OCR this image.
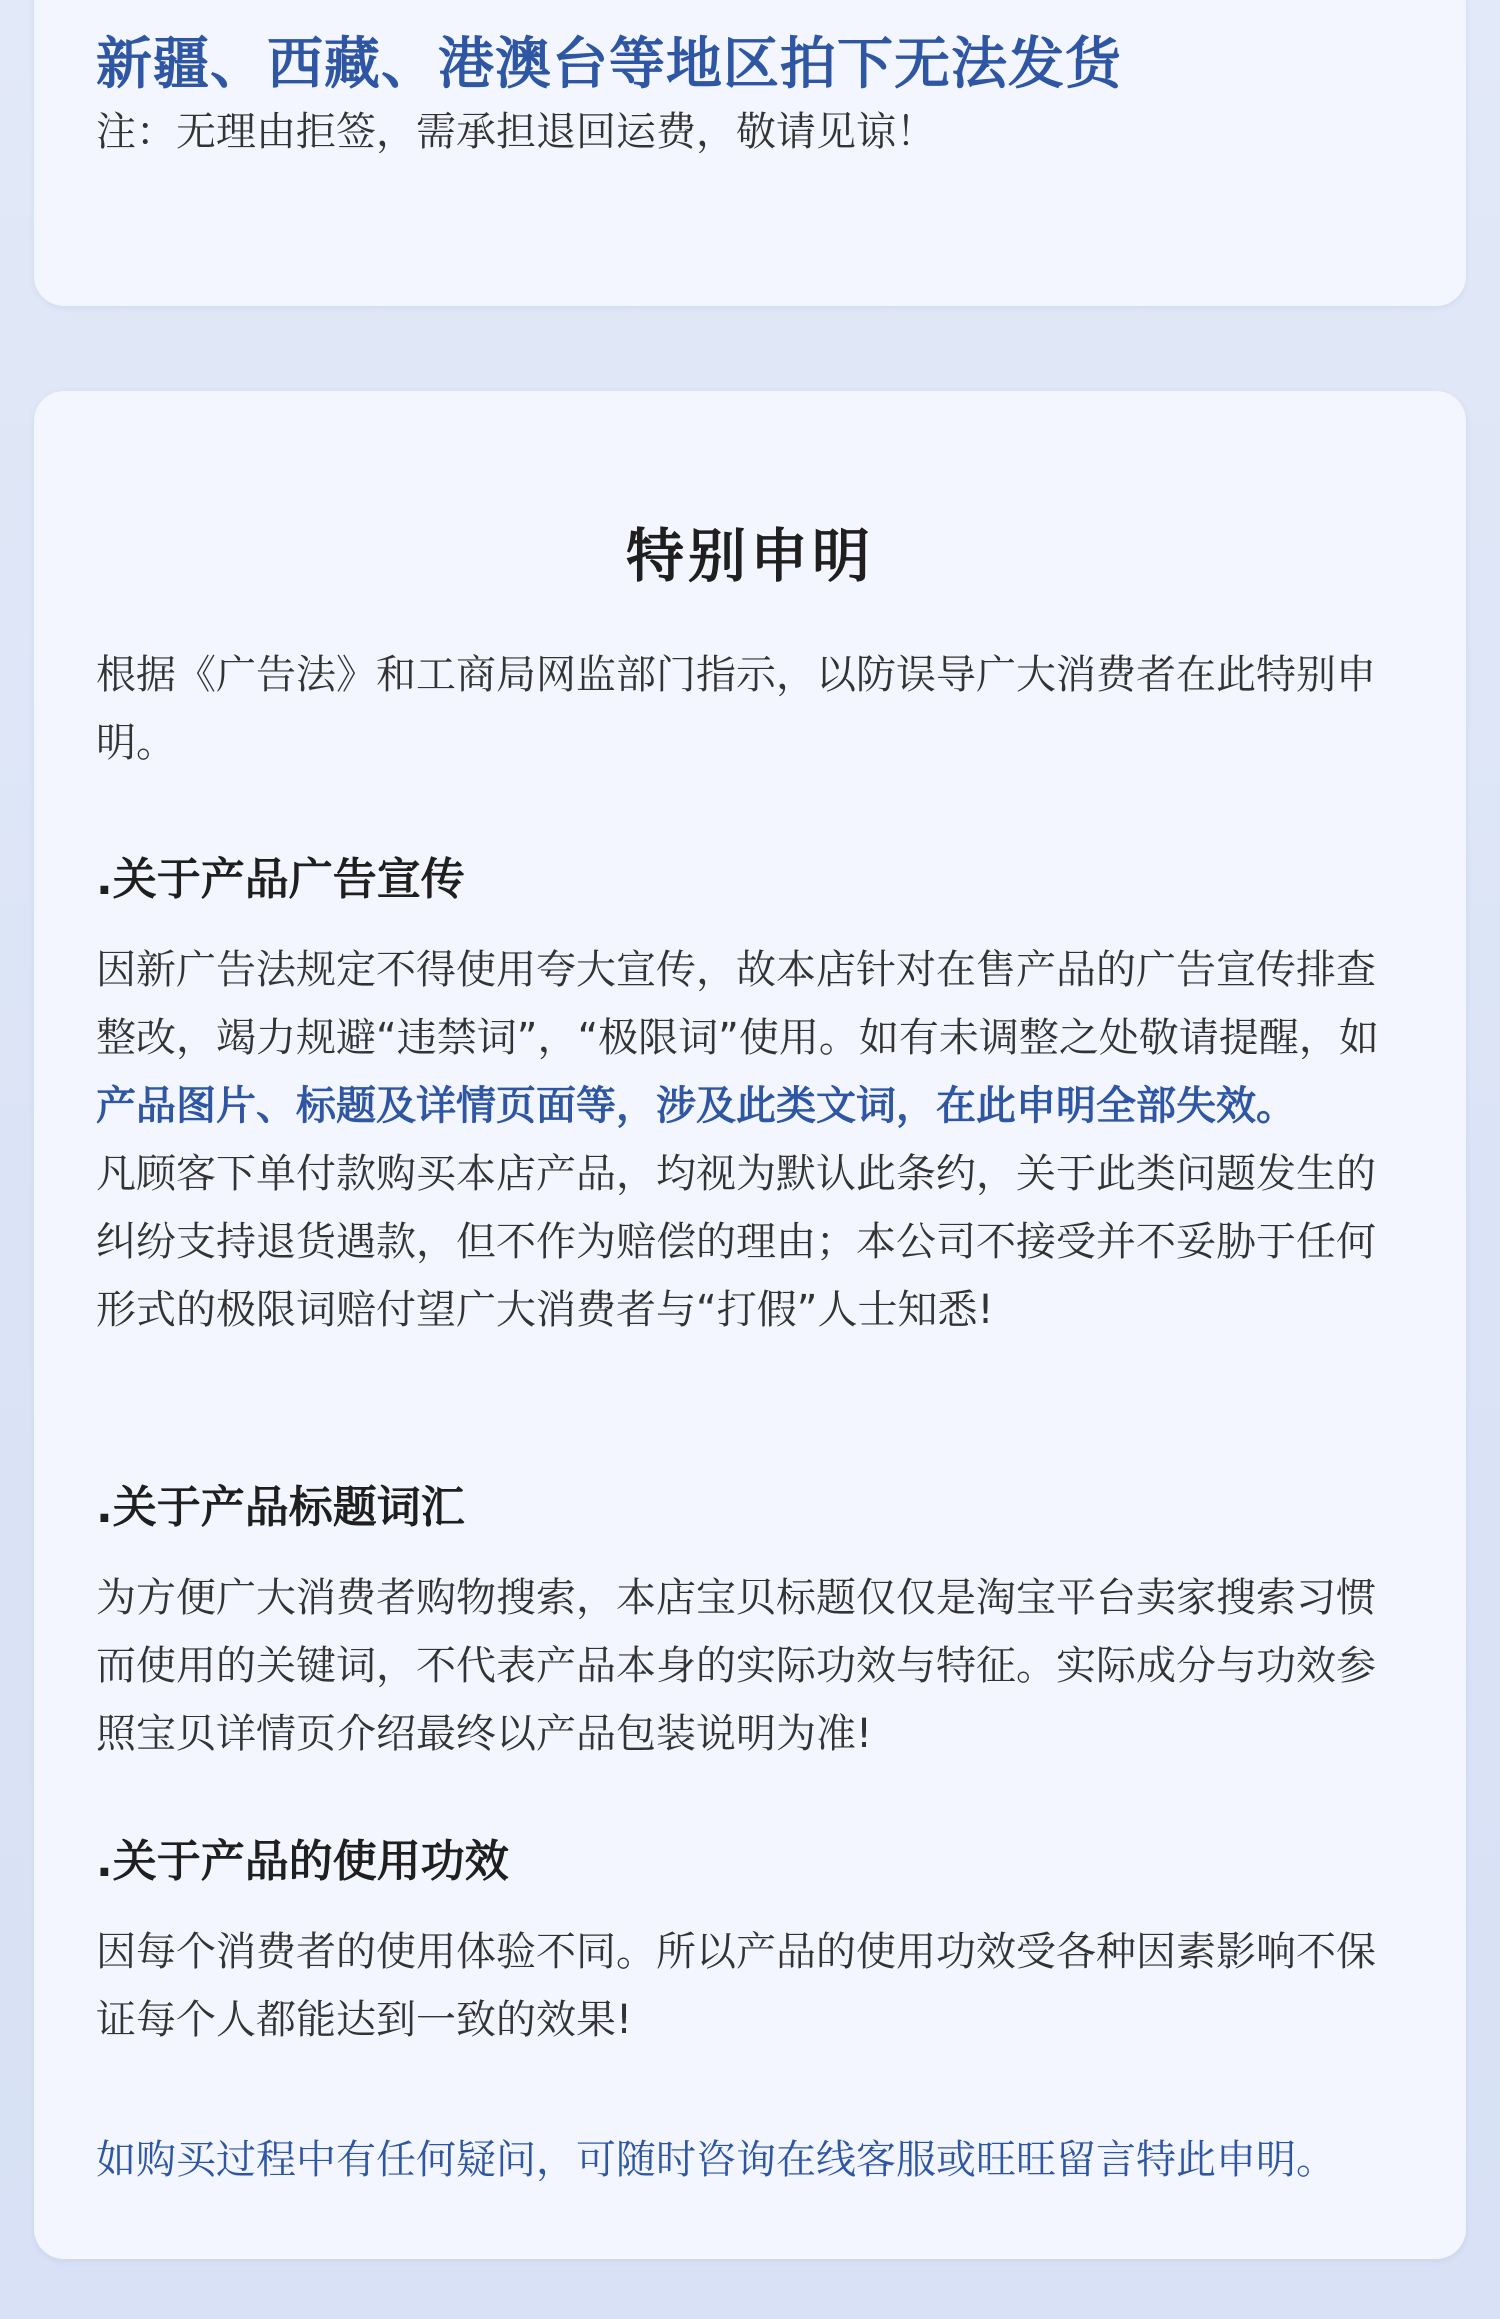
新疆、西藏、港澳台等地区拍下无法发货
注：无理由拒签，需承担退回运费，敬请见谅！
特别申明

根据《广告法》和工商局网监部门指示，以防误导广大消费者在此特别申明。

.关于产品广告宣传

因新广告法规定不得使用夸大宣传，故本店针对在售产品的广告宣传排查整改，竭力规避“违禁词”，“极限词”使用。如有未调整之处敬请提醒，如产品图片、标题及详情页面等，涉及此类文词，在此申明全部失效。

凡顾客下单付款购买本店产品，均视为默认此条约，关于此类问题发生的纠纷支持退货遇款，但不作为赔偿的理由；本公司不接受并不妥胁于任何形式的极限词赔付望广大消费者与“打假”人士知悉!

.关于产品标题词汇

为方便广大消费者购物搜索，本店宝贝标题仅仅是淘宝平台卖家搜索习惯而使用的关键词，不代表产品本身的实际功效与特征。实际成分与功效参照宝贝详情页介绍最终以产品包装说明为准!

.关于产品的使用功效

因每个消费者的使用体验不同。所以产品的使用功效受各种因素影响不保证每个人都能达到一致的效果!

如购买过程中有任何疑问，可随时咨询在线客服或旺旺留言特此申明。
